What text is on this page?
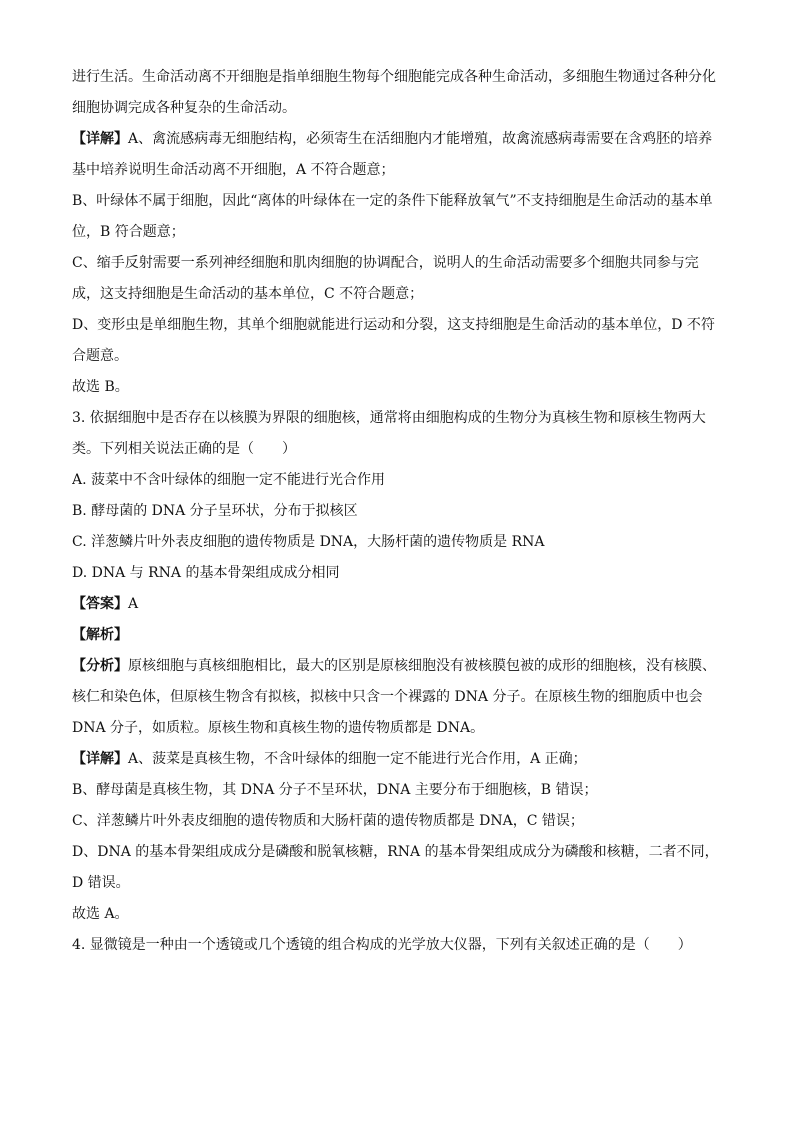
进行生活。生命活动离不开细胞是指单细胞生物每个细胞能完成各种生命活动，多细胞生物通过各种分化
细胞协调完成各种复杂的生命活动。
【详解】A、禽流感病毒无细胞结构，必须寄生在活细胞内才能增殖，故禽流感病毒需要在含鸡胚的培养
基中培养说明生命活动离不开细胞，A 不符合题意；
B、叶绿体不属于细胞，因此“离体的叶绿体在一定的条件下能释放氧气”不支持细胞是生命活动的基本单
位，B 符合题意；
C、缩手反射需要一系列神经细胞和肌肉细胞的协调配合，说明人的生命活动需要多个细胞共同参与完
成，这支持细胞是生命活动的基本单位，C 不符合题意；
D、变形虫是单细胞生物，其单个细胞就能进行运动和分裂，这支持细胞是生命活动的基本单位，D 不符
合题意。
故选 B。
3. 依据细胞中是否存在以核膜为界限的细胞核，通常将由细胞构成的生物分为真核生物和原核生物两大
类。下列相关说法正确的是（　　）
A. 菠菜中不含叶绿体的细胞一定不能进行光合作用
B. 酵母菌的 DNA 分子呈环状，分布于拟核区
C. 洋葱鳞片叶外表皮细胞的遗传物质是 DNA，大肠杆菌的遗传物质是 RNA
D. DNA 与 RNA 的基本骨架组成成分相同
【答案】A
【解析】
【分析】原核细胞与真核细胞相比，最大的区别是原核细胞没有被核膜包被的成形的细胞核，没有核膜、
核仁和染色体，但原核生物含有拟核，拟核中只含一个裸露的 DNA 分子。在原核生物的细胞质中也会
DNA 分子，如质粒。原核生物和真核生物的遗传物质都是 DNA。
【详解】A、菠菜是真核生物，不含叶绿体的细胞一定不能进行光合作用，A 正确；
B、酵母菌是真核生物，其 DNA 分子不呈环状，DNA 主要分布于细胞核，B 错误；
C、洋葱鳞片叶外表皮细胞的遗传物质和大肠杆菌的遗传物质都是 DNA，C 错误；
D、DNA 的基本骨架组成成分是磷酸和脱氧核糖，RNA 的基本骨架组成成分为磷酸和核糖，二者不同，
D 错误。
故选 A。
4. 显微镜是一种由一个透镜或几个透镜的组合构成的光学放大仪器，下列有关叙述正确的是（　　）
